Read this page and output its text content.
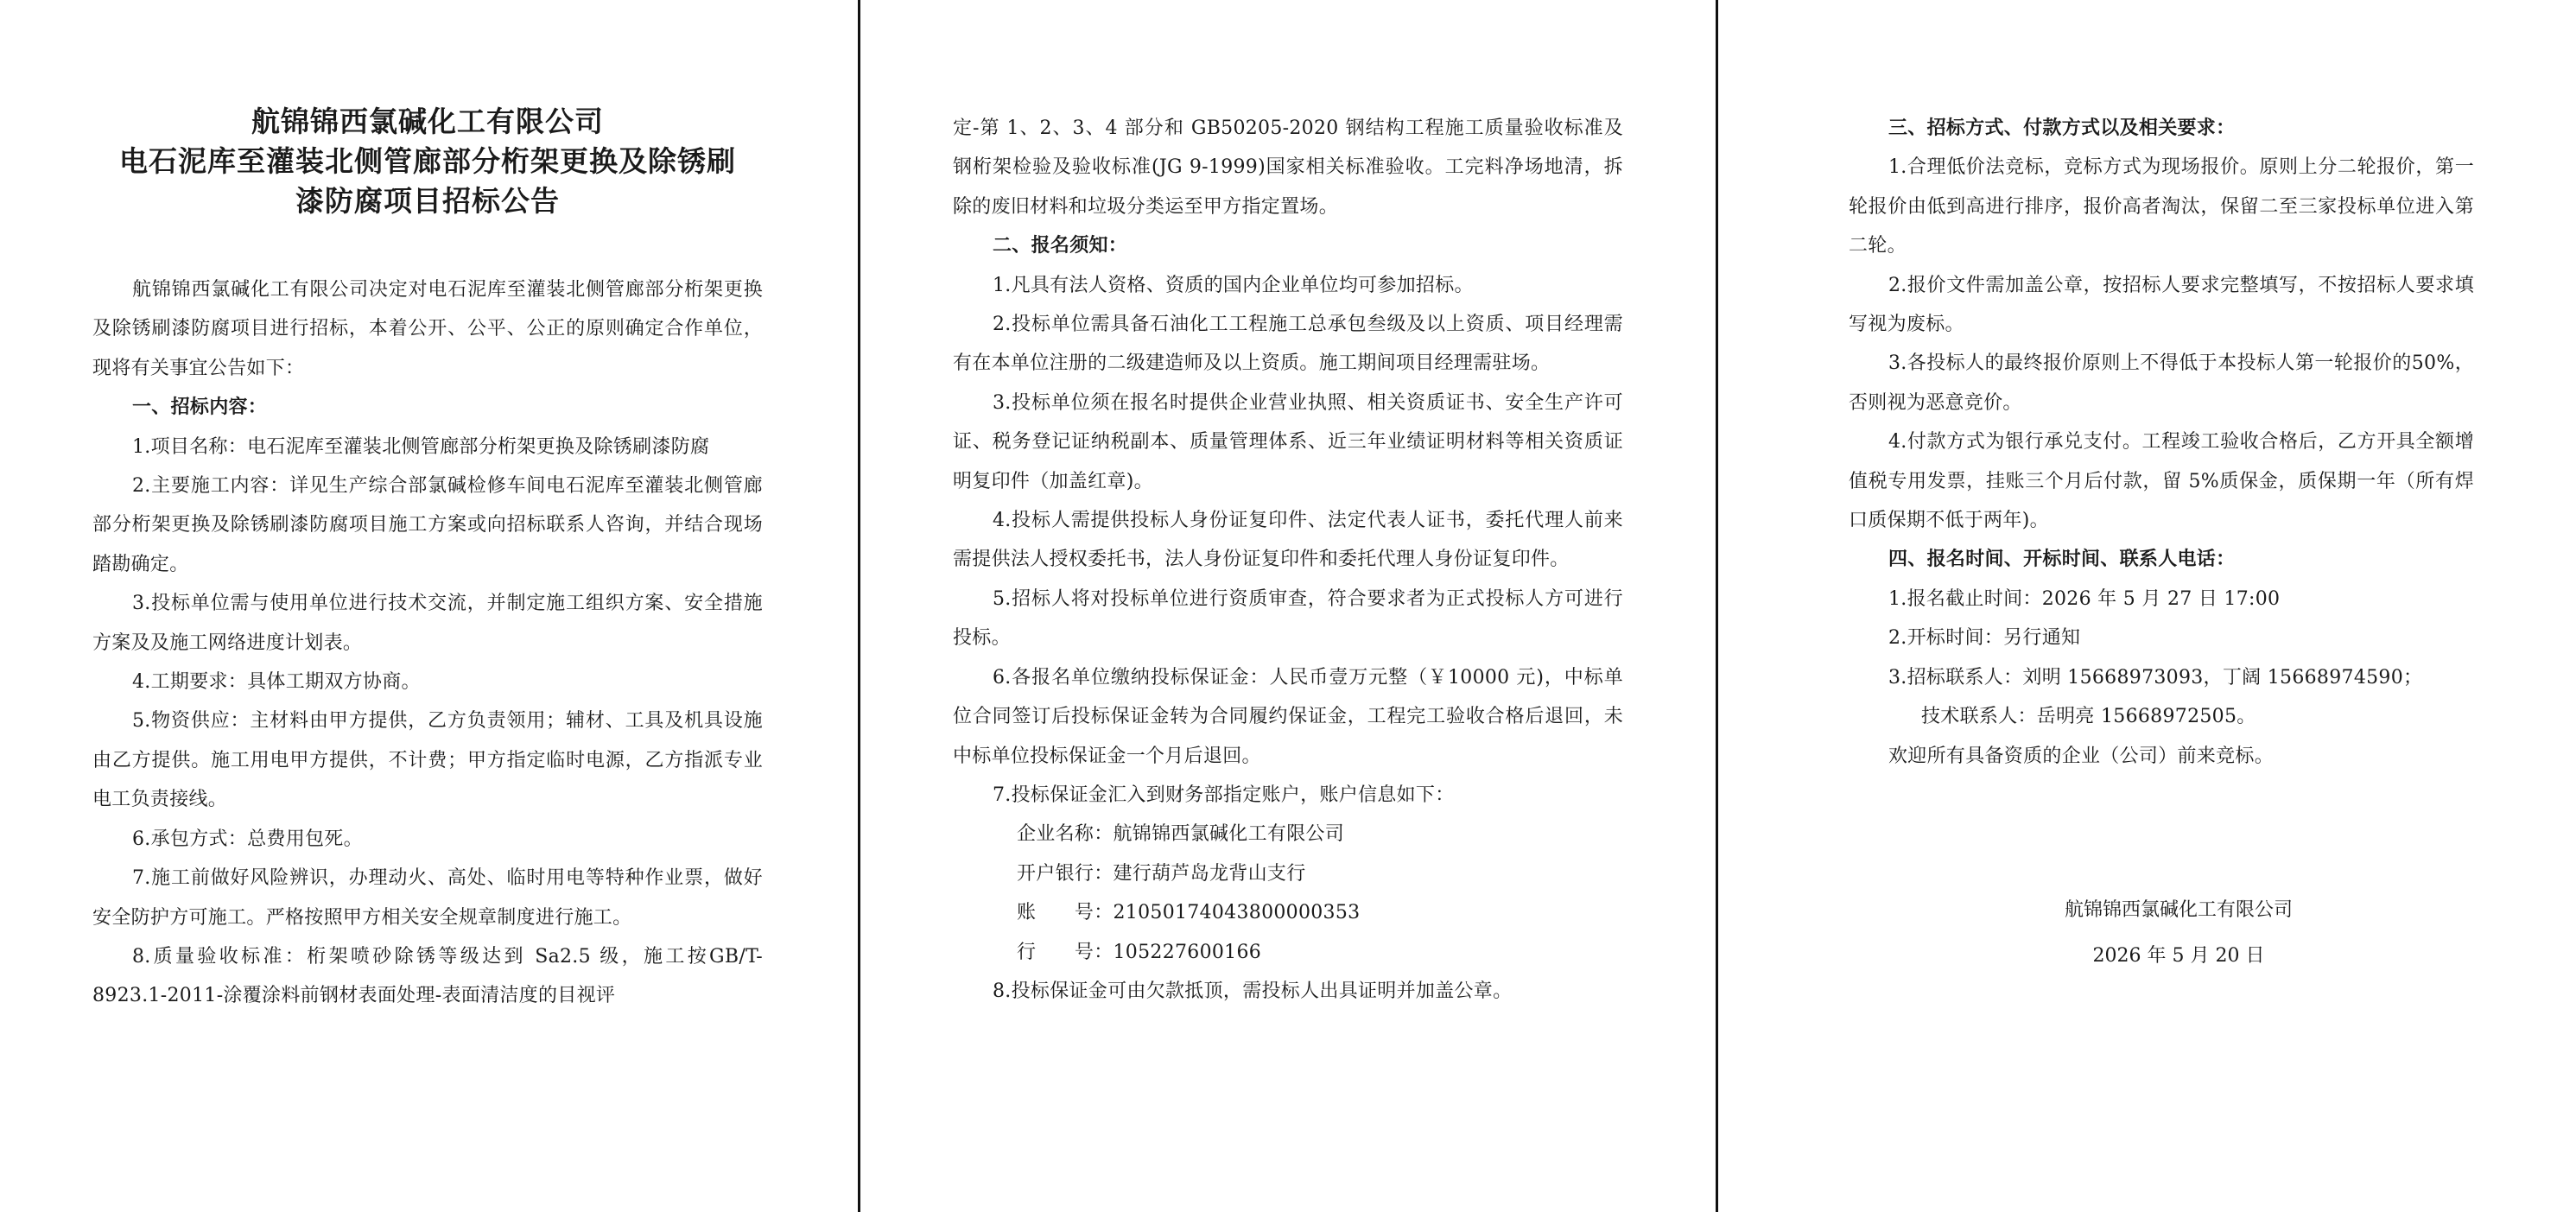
航锦锦西氯碱化工有限公司
电石泥库至灌装北侧管廊部分桁架更换及除锈刷
漆防腐项目招标公告

航锦锦西氯碱化工有限公司决定对电石泥库至灌装北侧管廊部分桁架更换及除锈刷漆防腐项目进行招标，本着公开、公平、公正的原则确定合作单位，现将有关事宜公告如下：

一、招标内容：

1.项目名称：电石泥库至灌装北侧管廊部分桁架更换及除锈刷漆防腐

2.主要施工内容：详见生产综合部氯碱检修车间电石泥库至灌装北侧管廊部分桁架更换及除锈刷漆防腐项目施工方案或向招标联系人咨询，并结合现场踏勘确定。

3.投标单位需与使用单位进行技术交流，并制定施工组织方案、安全措施方案及及施工网络进度计划表。

4.工期要求：具体工期双方协商。

5.物资供应：主材料由甲方提供，乙方负责领用；辅材、工具及机具设施由乙方提供。施工用电甲方提供，不计费；甲方指定临时电源，乙方指派专业电工负责接线。

6.承包方式：总费用包死。

7.施工前做好风险辨识，办理动火、高处、临时用电等特种作业票，做好安全防护方可施工。严格按照甲方相关安全规章制度进行施工。

8.质量验收标准：桁架喷砂除锈等级达到 Sa2.5 级，施工按GB/T-8923.1-2011-涂覆涂料前钢材表面处理-表面清洁度的目视评

定-第 1、2、3、4 部分和 GB50205-2020 钢结构工程施工质量验收标准及钢桁架检验及验收标准(JG 9-1999)国家相关标准验收。工完料净场地清，拆除的废旧材料和垃圾分类运至甲方指定置场。

二、报名须知：

1.凡具有法人资格、资质的国内企业单位均可参加招标。

2.投标单位需具备石油化工工程施工总承包叁级及以上资质、项目经理需有在本单位注册的二级建造师及以上资质。施工期间项目经理需驻场。

3.投标单位须在报名时提供企业营业执照、相关资质证书、安全生产许可证、税务登记证纳税副本、质量管理体系、近三年业绩证明材料等相关资质证明复印件（加盖红章)。

4.投标人需提供投标人身份证复印件、法定代表人证书，委托代理人前来需提供法人授权委托书，法人身份证复印件和委托代理人身份证复印件。

5.招标人将对投标单位进行资质审查，符合要求者为正式投标人方可进行投标。

6.各报名单位缴纳投标保证金：人民币壹万元整（￥10000 元)，中标单位合同签订后投标保证金转为合同履约保证金，工程完工验收合格后退回，未中标单位投标保证金一个月后退回。

7.投标保证金汇入到财务部指定账户，账户信息如下：

企业名称：航锦锦西氯碱化工有限公司

开户银行：建行葫芦岛龙背山支行

账　　号：21050174043800000353

行　　号：105227600166

8.投标保证金可由欠款抵顶，需投标人出具证明并加盖公章。

三、招标方式、付款方式以及相关要求：

1.合理低价法竞标，竞标方式为现场报价。原则上分二轮报价，第一轮报价由低到高进行排序，报价高者淘汰，保留二至三家投标单位进入第二轮。

2.报价文件需加盖公章，按招标人要求完整填写，不按招标人要求填写视为废标。

3.各投标人的最终报价原则上不得低于本投标人第一轮报价的50%，否则视为恶意竞价。

4.付款方式为银行承兑支付。工程竣工验收合格后，乙方开具全额增值税专用发票，挂账三个月后付款，留 5%质保金，质保期一年（所有焊口质保期不低于两年)。

四、报名时间、开标时间、联系人电话：

1.报名截止时间：2026 年 5 月 27 日 17:00

2.开标时间：另行通知

3.招标联系人：刘明 15668973093，丁阔 15668974590；

技术联系人：岳明亮 15668972505。

欢迎所有具备资质的企业（公司）前来竞标。

航锦锦西氯碱化工有限公司
2026 年 5 月 20 日
